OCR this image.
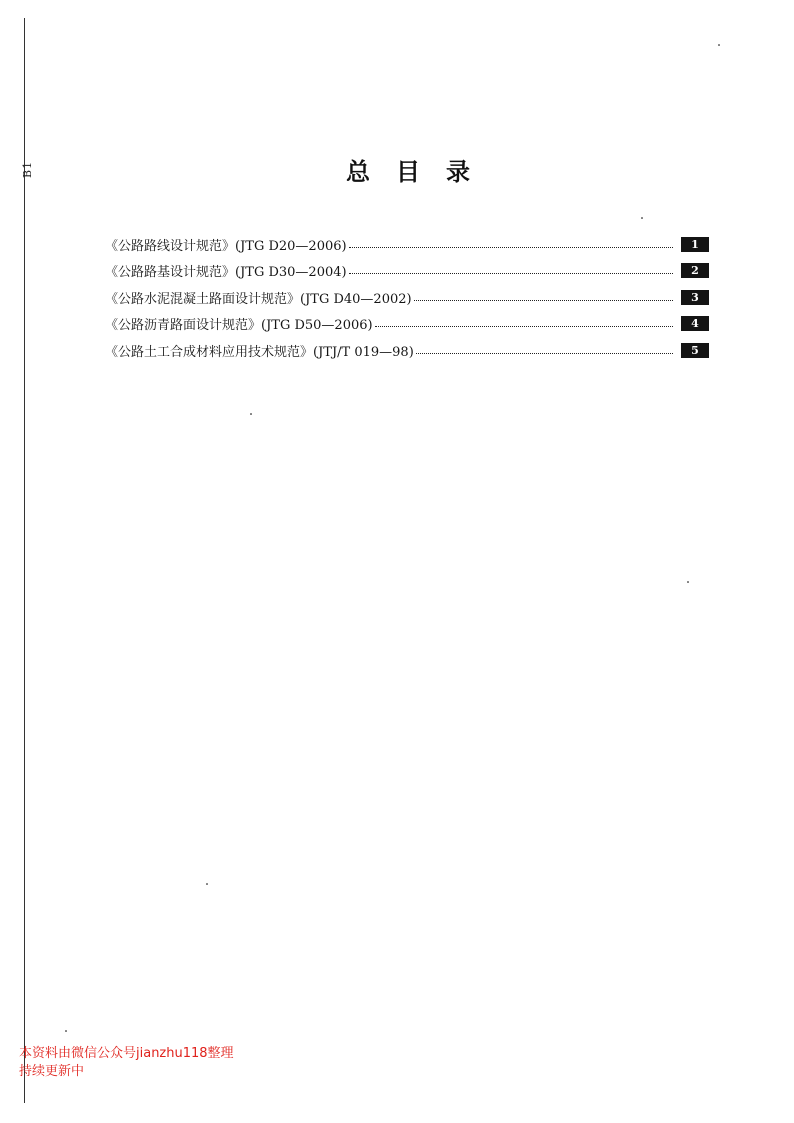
B1	总目录
《公路路线设计规范》(JTG D20—2006)	1
《公路路基设计规范》(JTG D30—2004)	2
《公路水泥混凝土路面设计规范》(JTG D40—2002)	3
《公路沥青路面设计规范》(JTG D50—2006)	4
《公路土工合成材料应用技术规范》(JTJ/T 019—98)	5
本资料由微信公众号jianzhu118整理
持续更新中
